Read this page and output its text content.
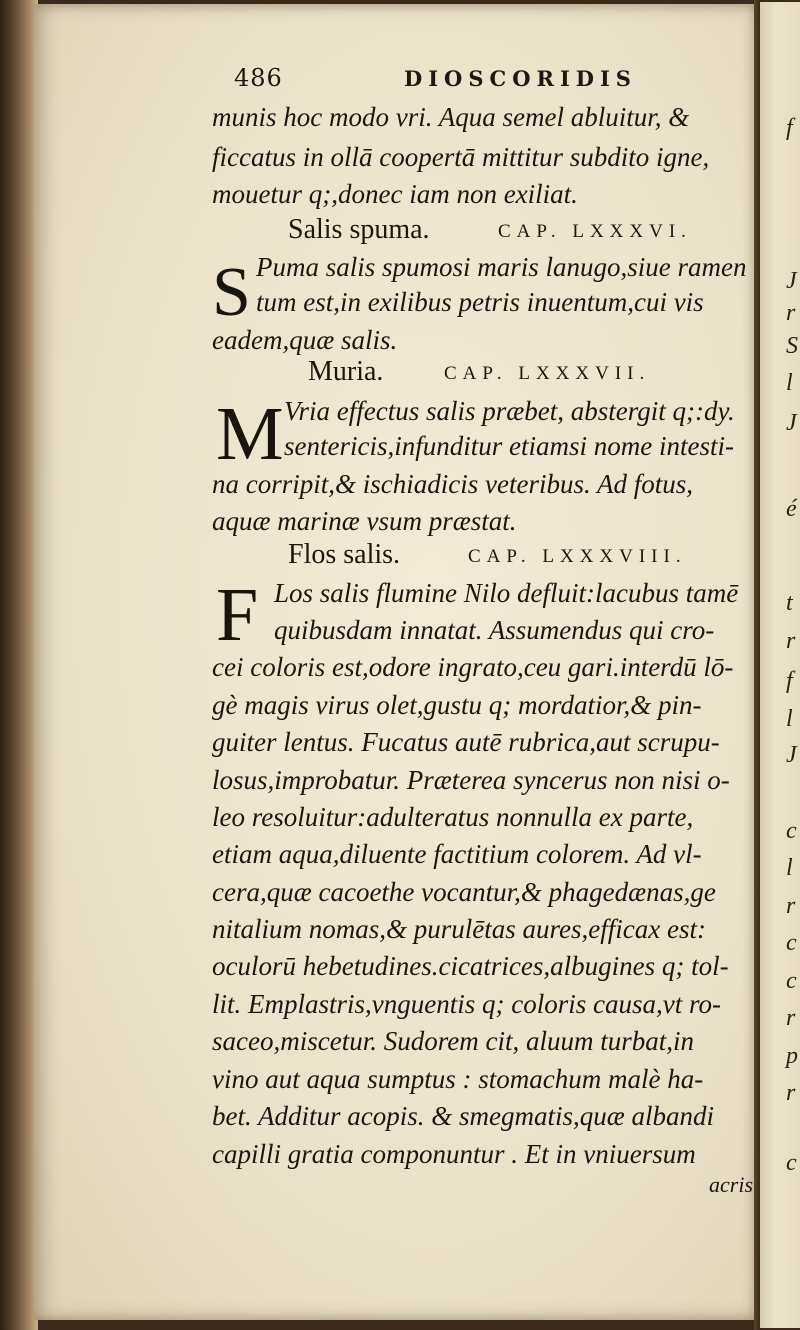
486	DIOSCORIDIS
munis hoc modo vri. Aqua semel abluitur, &
ficcatus in ollā coopertā mittitur subdito igne,
mouetur q;,donec iam non exiliat.
Salis spuma.	CAP. LXXXVI.
S Puma salis spumosi maris lanugo,siue ramen
tum est,in exilibus petris inuentum,cui vis
eadem,quæ salis.
Muria.	CAP. LXXXVII.
M Vria effectus salis præbet, abstergit q;:dy.
sentericis,infunditur etiamsi nome intesti-
na corripit,& ischiadicis veteribus. Ad fotus,
aquæ marinæ vsum præstat.
Flos salis.	CAP. LXXXVIII.
F Los salis flumine Nilo defluit:lacubus tamē
quibusdam innatat. Assumendus qui cro-
cei coloris est,odore ingrato,ceu gari.interdū lō-
gè magis virus olet,gustu q; mordatior,& pin-
guiter lentus. Fucatus autē rubrica,aut scrupu-
losus,improbatur. Præterea syncerus non nisi o-
leo resoluitur:adulteratus nonnulla ex parte,
etiam aqua,diluente factitium colorem. Ad vl-
cera,quæ cacoethe vocantur,& phagedænas,ge
nitalium nomas,& purulētas aures,efficax est:
oculorū hebetudines.cicatrices,albugines q; tol-
lit. Emplastris,vnguentis q; coloris causa,vt ro-
saceo,miscetur. Sudorem cit, aluum turbat,in
vino aut aqua sumptus : stomachum malè ha-
bet. Additur acopis. & smegmatis,quæ albandi
capilli gratia componuntur . Et in vniuersum
acris
f
J
r
S
l
J
é
t
r
f
l
J
c
l
r
c
c
r
p
r
c
